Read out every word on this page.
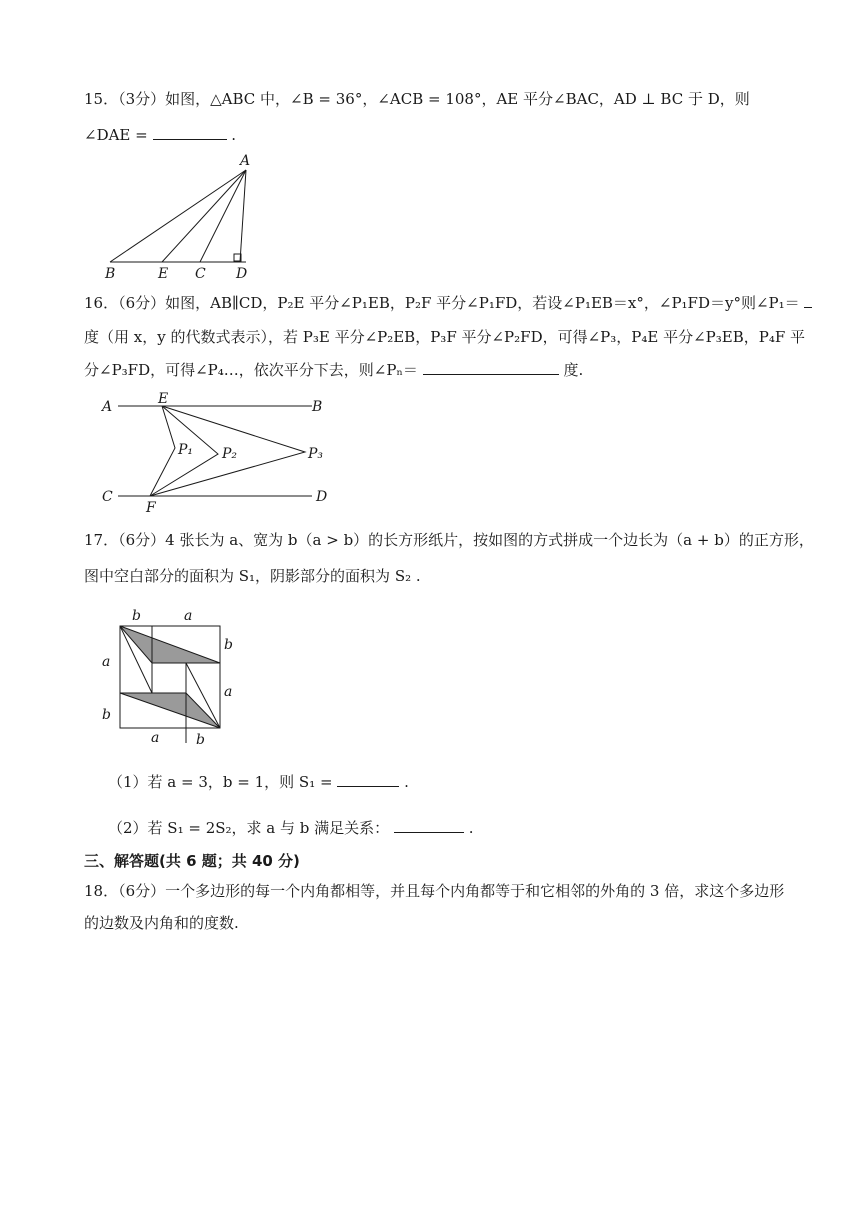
15．（3分）如图，△ABC 中，∠B = 36°，∠ACB = 108°，AE 平分∠BAC，AD ⊥ BC 于 D，则
∠DAE =	.
A
B	E C D
16．（6分）如图，AB∥CD，P₂E 平分∠P₁EB，P₂F 平分∠P₁FD，若设∠P₁EB＝x°，∠P₁FD＝y°则∠P₁＝
度（用 x，y 的代数式表示），若 P₃E 平分∠P₂EB，P₃F 平分∠P₂FD，可得∠P₃，P₄E 平分∠P₃EB，P₄F 平
分∠P₃FD，可得∠P₄…，依次平分下去，则∠Pₙ＝	度.
A	E	B
P₁ P₂	P₃
C
F
D
17．（6分）4 张长为 a、宽为 b（a > b）的长方形纸片，按如图的方式拼成一个边长为（a + b）的正方形，
图中空白部分的面积为 S₁，阴影部分的面积为 S₂ .
b	a
b
a
a
b
a	b
（1）若 a = 3，b = 1，则 S₁ =	.
（2）若 S₁ = 2S₂，求 a 与 b 满足关系：	.
三、解答题(共 6 题；共 40 分)
18．（6分）一个多边形的每一个内角都相等，并且每个内角都等于和它相邻的外角的 3 倍，求这个多边形
的边数及内角和的度数.
